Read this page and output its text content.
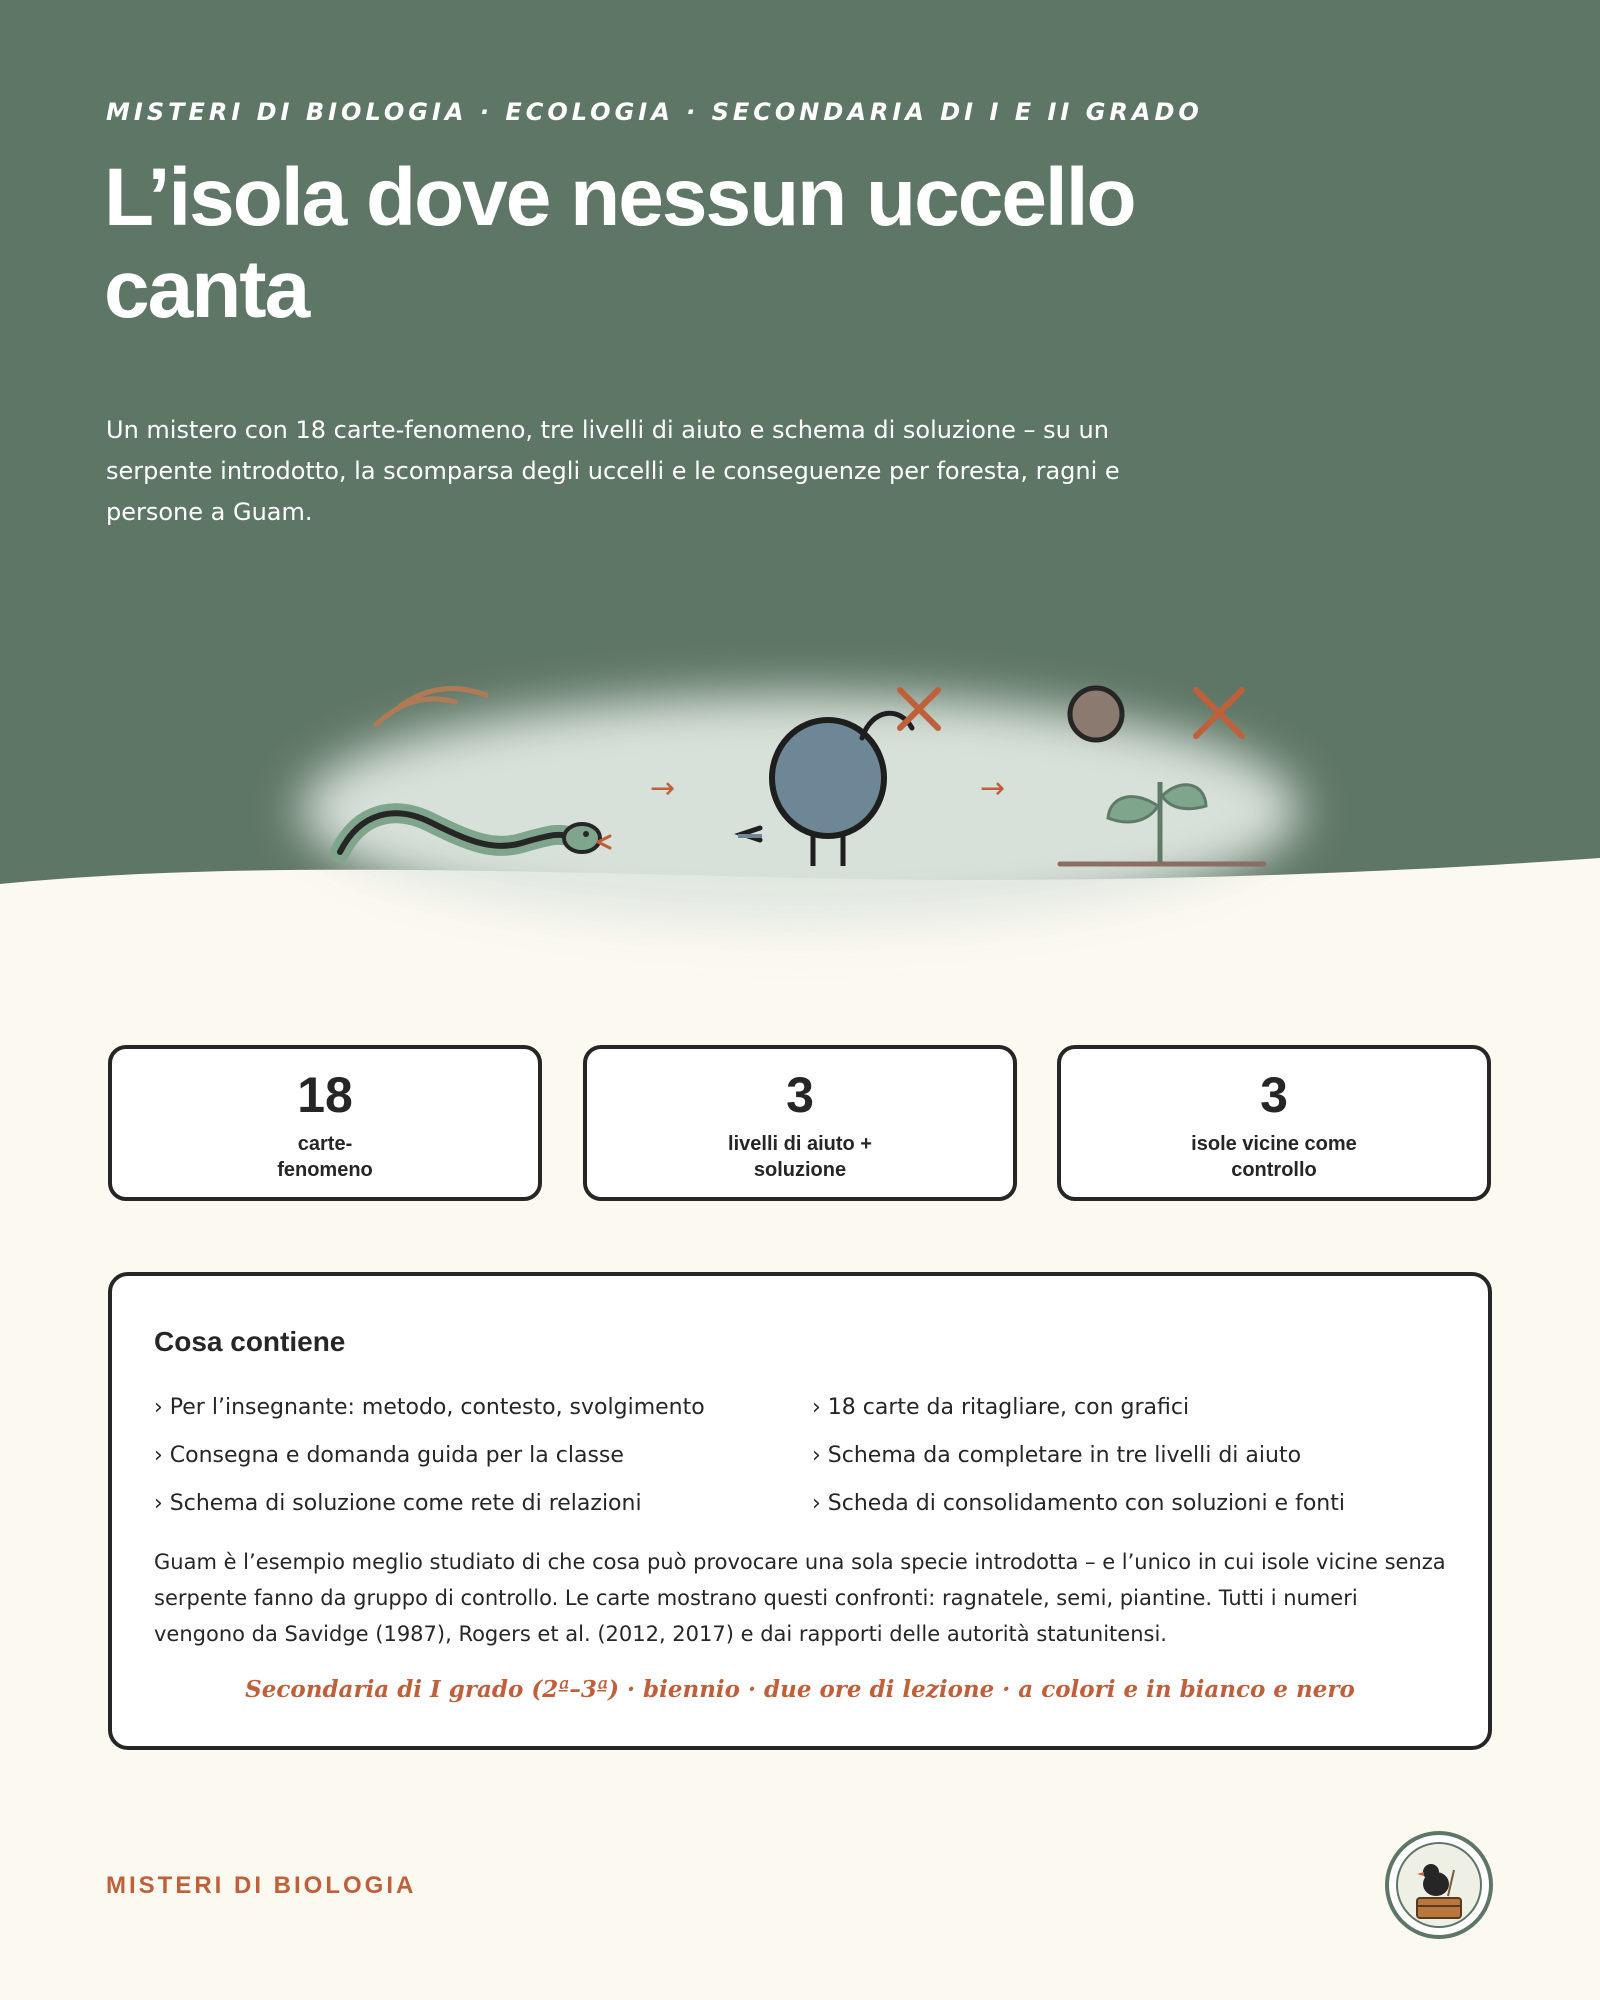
→	→
MISTERI DI BIOLOGIA · ECOLOGIA · SECONDARIA DI I E II GRADO
L’isola dove nessun uccello canta

Un mistero con 18 carte-fenomeno, tre livelli di aiuto e schema di soluzione – su un serpente introdotto, la scomparsa degli uccelli e le conseguenze per foresta, ragni e persone a Guam.

18
carte-fenomeno
3
livelli di aiuto + soluzione
3
isole vicine come controllo
Cosa contiene
› Per l’insegnante: metodo, contesto, svolgimento
› Consegna e domanda guida per la classe
› Schema di soluzione come rete di relazioni
› 18 carte da ritagliare, con grafici
› Schema da completare in tre livelli di aiuto
› Scheda di consolidamento con soluzioni e fonti

Guam è l’esempio meglio studiato di che cosa può provocare una sola specie introdotta – e l’unico in cui isole vicine senza serpente fanno da gruppo di controllo. Le carte mostrano questi confronti: ragnatele, semi, piantine. Tutti i numeri vengono da Savidge (1987), Rogers et al. (2012, 2017) e dai rapporti delle autorità statunitensi.

Secondaria di I grado (2ª–3ª) · biennio · due ore di lezione · a colori e in bianco e nero
MISTERI DI BIOLOGIA
